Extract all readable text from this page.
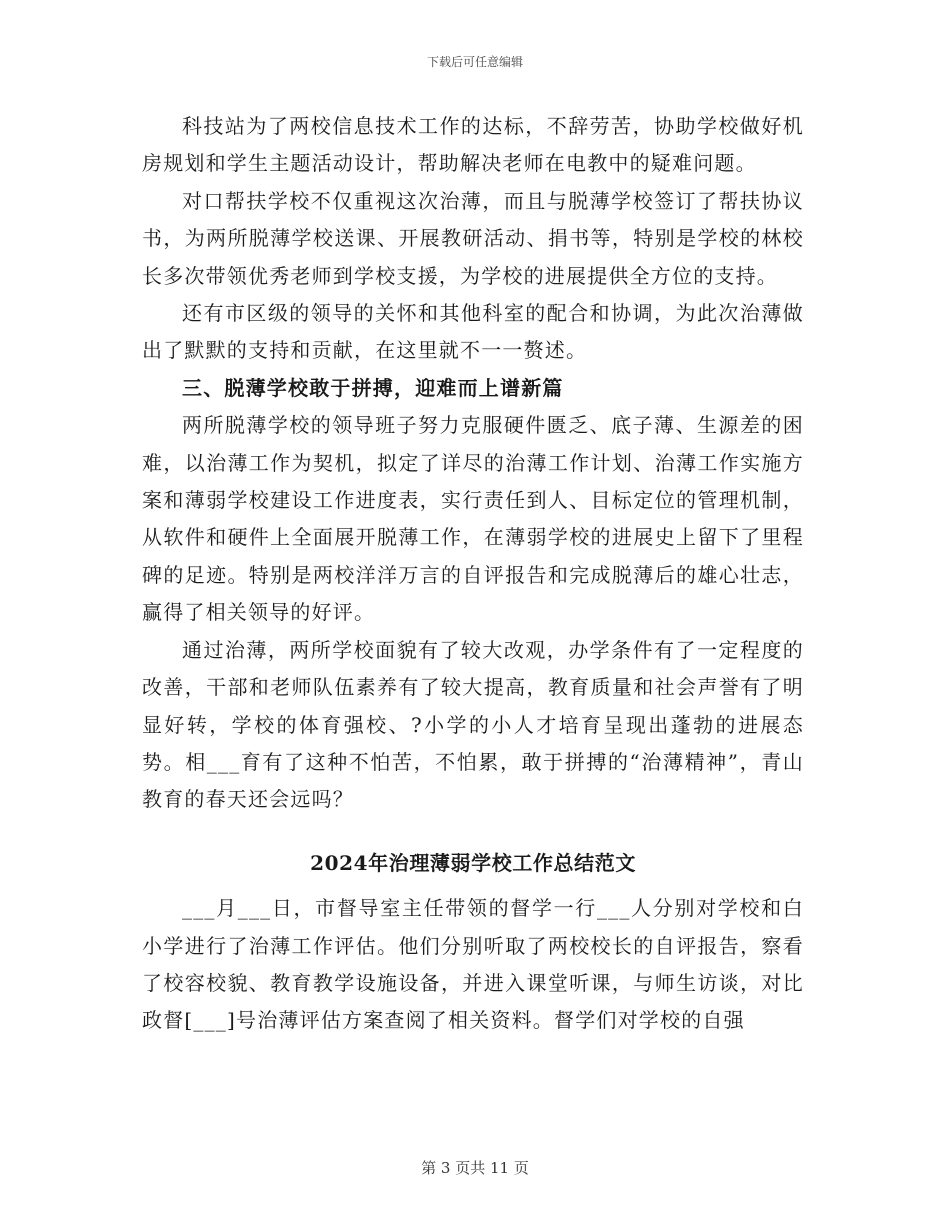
下载后可任意编辑

科技站为了两校信息技术工作的达标，不辞劳苦，协助学校做好机房规划和学生主题活动设计，帮助解决老师在电教中的疑难问题。

对口帮扶学校不仅重视这次治薄，而且与脱薄学校签订了帮扶协议书，为两所脱薄学校送课、开展教研活动、捐书等，特别是学校的林校长多次带领优秀老师到学校支援，为学校的进展提供全方位的支持。

还有市区级的领导的关怀和其他科室的配合和协调，为此次治薄做出了默默的支持和贡献，在这里就不一一赘述。

三、脱薄学校敢于拼搏，迎难而上谱新篇

两所脱薄学校的领导班子努力克服硬件匮乏、底子薄、生源差的困难，以治薄工作为契机，拟定了详尽的治薄工作计划、治薄工作实施方案和薄弱学校建设工作进度表，实行责任到人、目标定位的管理机制，从软件和硬件上全面展开脱薄工作，在薄弱学校的进展史上留下了里程碑的足迹。特别是两校洋洋万言的自评报告和完成脱薄后的雄心壮志，赢得了相关领导的好评。

通过治薄，两所学校面貌有了较大改观，办学条件有了一定程度的改善，干部和老师队伍素养有了较大提高，教育质量和社会声誉有了明显好转，学校的体育强校、?小学的小人才培育呈现出蓬勃的进展态势。相___育有了这种不怕苦，不怕累，敢于拼搏的“治薄精神”，青山教育的春天还会远吗？

2024年治理薄弱学校工作总结范文

___月___日，市督导室主任带领的督学一行___人分别对学校和白小学进行了治薄工作评估。他们分别听取了两校校长的自评报告，察看了校容校貌、教育教学设施设备，并进入课堂听课，与师生访谈，对比政督[___]号治薄评估方案查阅了相关资料。督学们对学校的自强

第 3 页共 11 页
